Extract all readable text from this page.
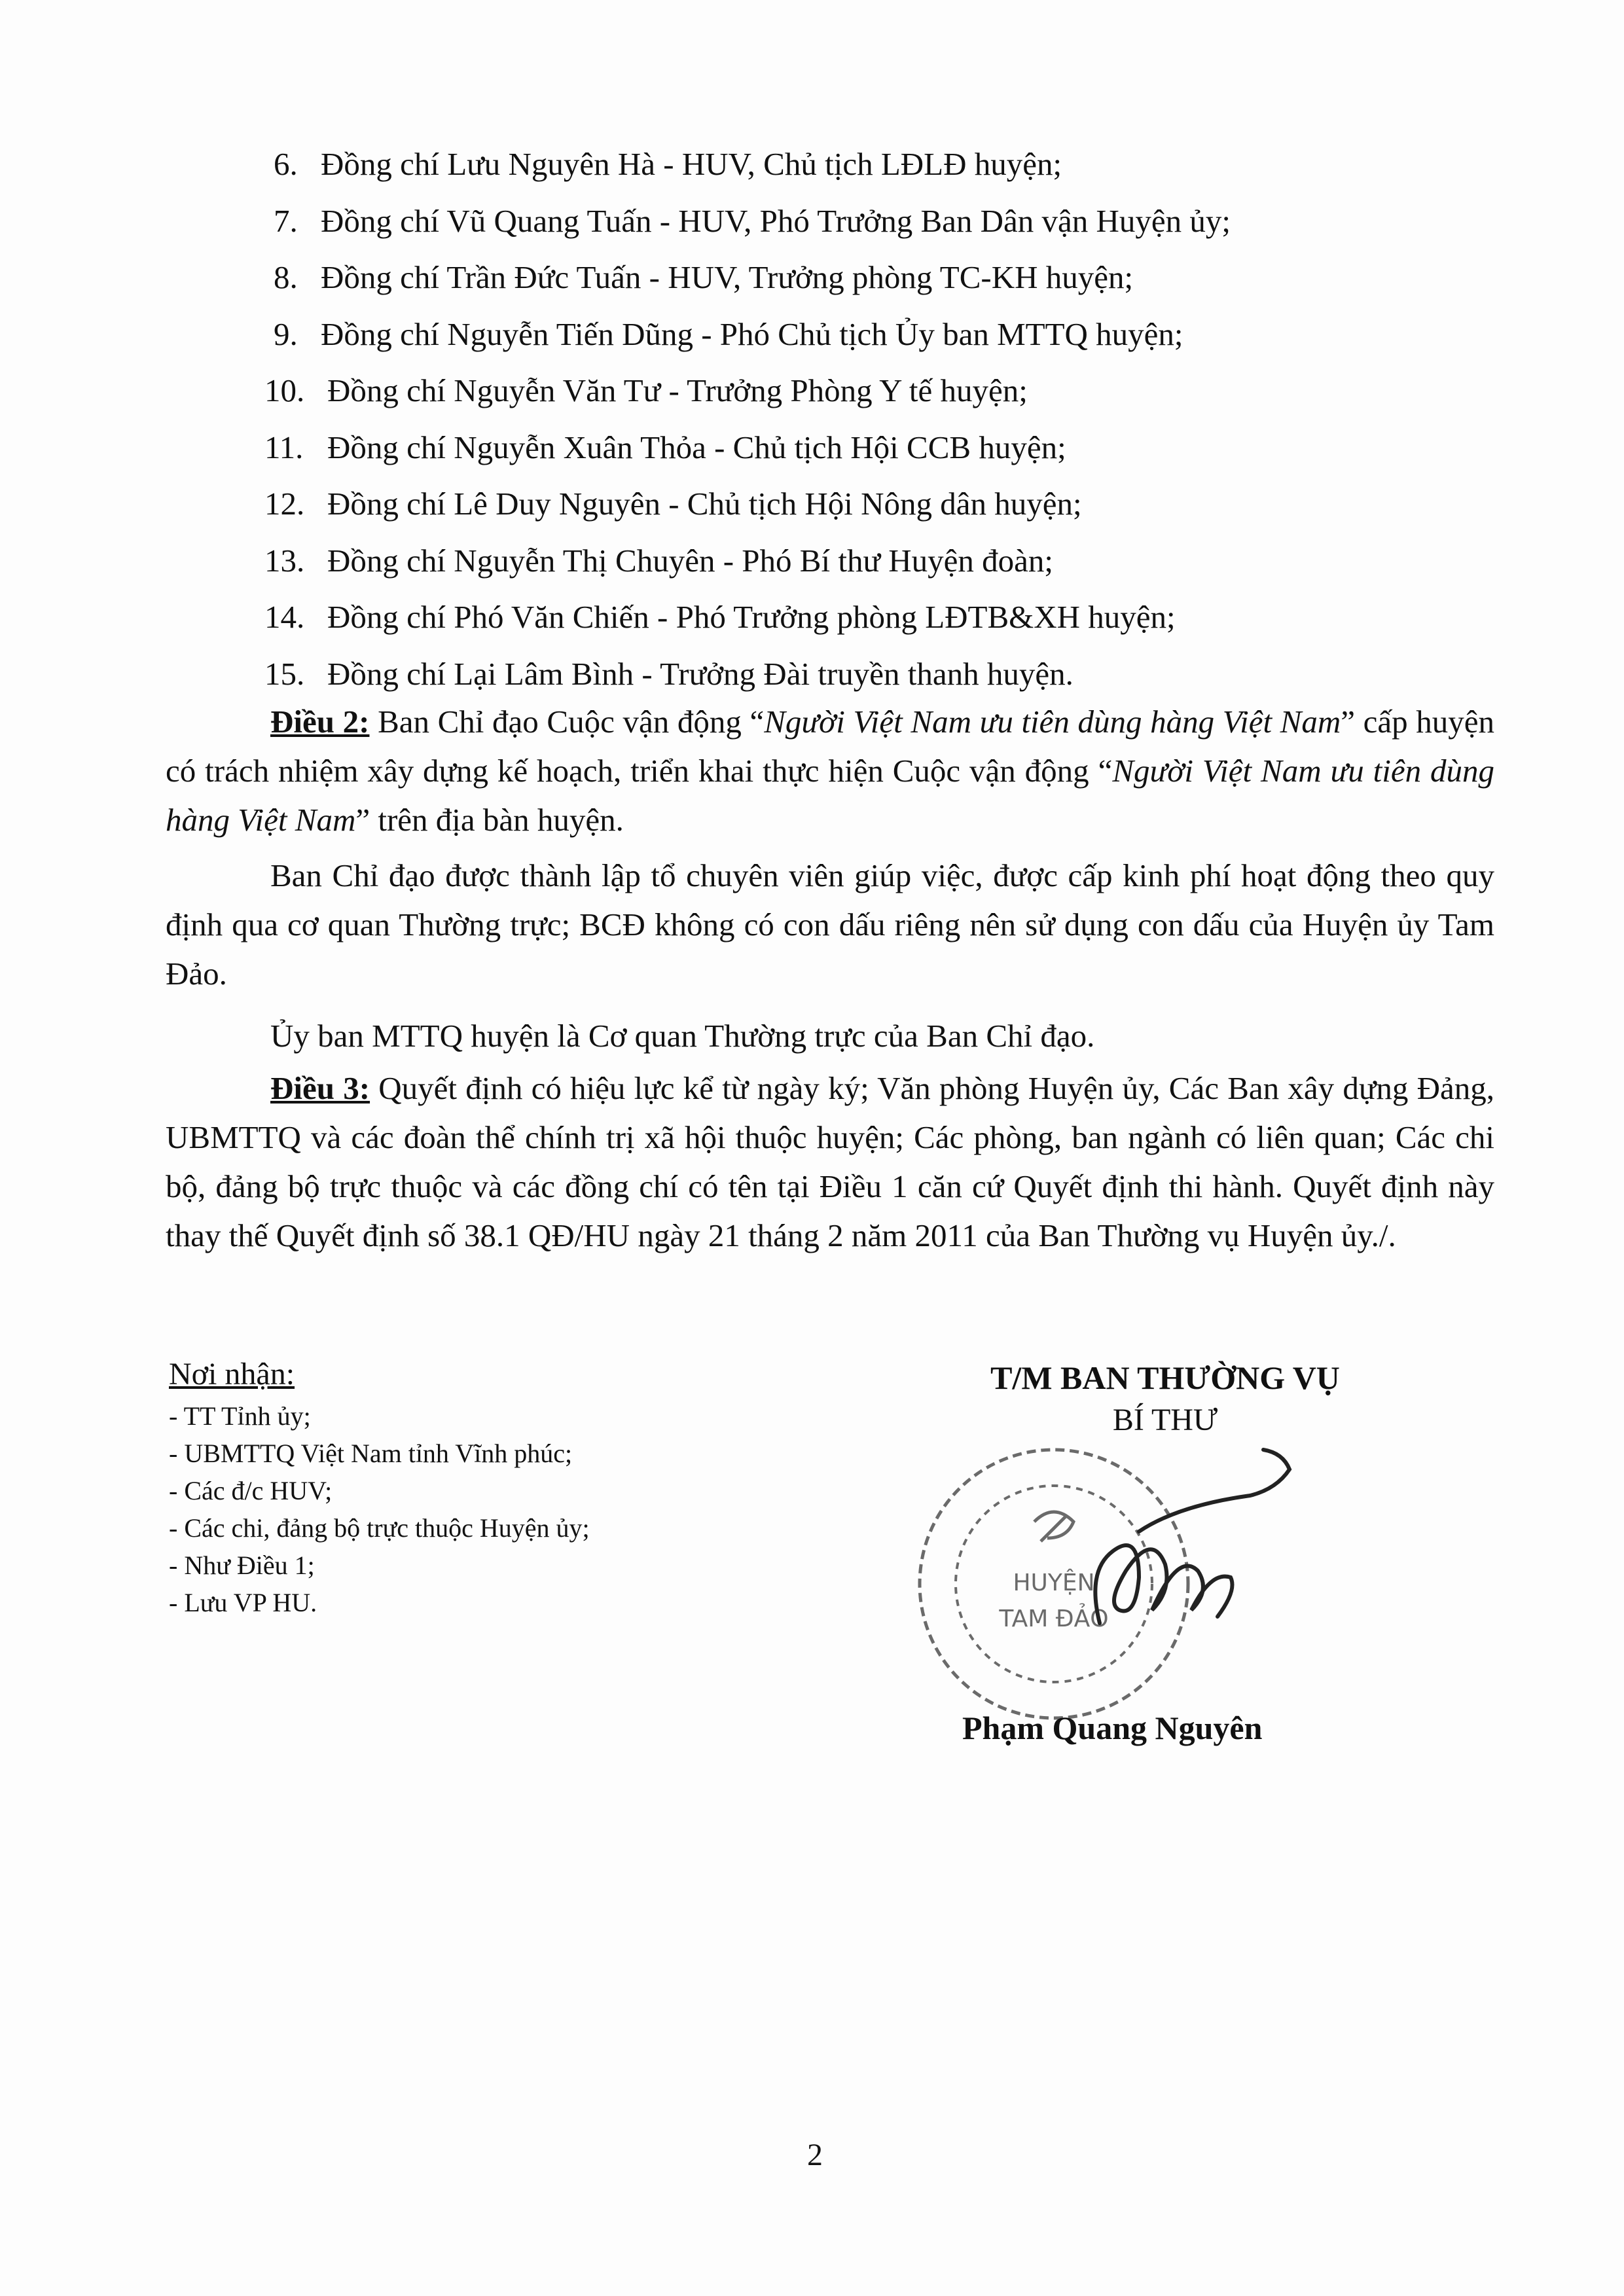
6. Đồng chí Lưu Nguyên Hà - HUV, Chủ tịch LĐLĐ huyện;
7. Đồng chí Vũ Quang Tuấn - HUV, Phó Trưởng Ban Dân vận Huyện ủy;
8. Đồng chí Trần Đức Tuấn - HUV, Trưởng phòng TC-KH huyện;
9. Đồng chí Nguyễn Tiến Dũng - Phó Chủ tịch Ủy ban MTTQ huyện;
10. Đồng chí Nguyễn Văn Tư - Trưởng Phòng Y tế huyện;
11. Đồng chí Nguyễn Xuân Thỏa - Chủ tịch Hội CCB huyện;
12. Đồng chí Lê Duy Nguyên - Chủ tịch Hội Nông dân huyện;
13. Đồng chí Nguyễn Thị Chuyên - Phó Bí thư Huyện đoàn;
14. Đồng chí Phó Văn Chiến - Phó Trưởng phòng LĐTB&XH huyện;
15. Đồng chí Lại Lâm Bình - Trưởng Đài truyền thanh huyện.
Điều 2: Ban Chỉ đạo Cuộc vận động “Người Việt Nam ưu tiên dùng hàng Việt Nam” cấp huyện có trách nhiệm xây dựng kế hoạch, triển khai thực hiện Cuộc vận động “Người Việt Nam ưu tiên dùng hàng Việt Nam” trên địa bàn huyện.
Ban Chỉ đạo được thành lập tổ chuyên viên giúp việc, được cấp kinh phí hoạt động theo quy định qua cơ quan Thường trực; BCĐ không có con dấu riêng nên sử dụng con dấu của Huyện ủy Tam Đảo.
Ủy ban MTTQ huyện là Cơ quan Thường trực của Ban Chỉ đạo.
Điều 3: Quyết định có hiệu lực kể từ ngày ký; Văn phòng Huyện ủy, Các Ban xây dựng Đảng, UBMTTQ và các đoàn thể chính trị xã hội thuộc huyện; Các phòng, ban ngành có liên quan; Các chi bộ, đảng bộ trực thuộc và các đồng chí có tên tại Điều 1 căn cứ Quyết định thi hành. Quyết định này thay thế Quyết định số 38.1 QĐ/HU ngày 21 tháng 2 năm 2011 của Ban Thường vụ Huyện ủy./.
Nơi nhận:
- TT Tỉnh ủy;
- UBMTTQ Việt Nam tỉnh Vĩnh phúc;
- Các đ/c HUV;
- Các chi, đảng bộ trực thuộc Huyện ủy;
- Như Điều 1;
- Lưu VP HU.
T/M BAN THƯỜNG VỤ
BÍ THƯ
HUYỆN
TAM ĐẢO
Phạm Quang Nguyên
2
